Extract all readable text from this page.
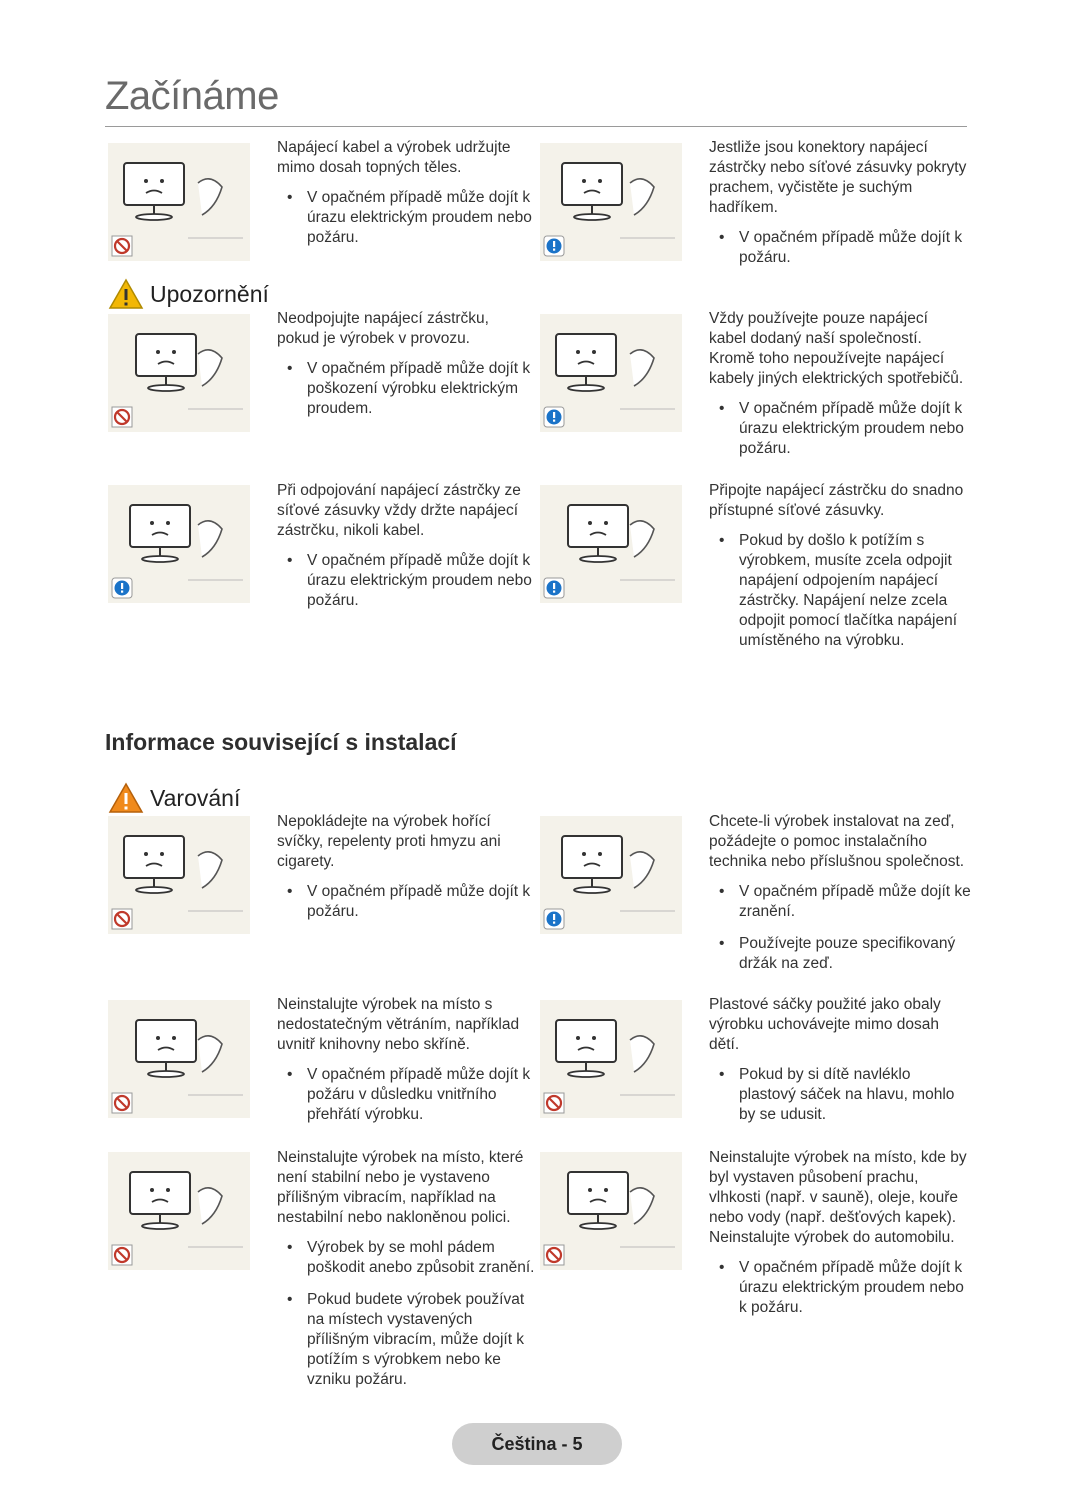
Začínáme
Upozornění
Informace související s instalací
Varování

Napájecí kabel a výrobek udržujte mimo dosah topných těles.

• V opačném případě může dojít k úrazu elektrickým proudem nebo požáru.

Jestliže jsou konektory napájecí zástrčky nebo síťové zásuvky pokryty prachem, vyčistěte je suchým hadříkem.

• V opačném případě může dojít k požáru.

Neodpojujte napájecí zástrčku, pokud je výrobek v provozu.

• V opačném případě může dojít k poškození výrobku elektrickým proudem.

Vždy používejte pouze napájecí kabel dodaný naší společností. Kromě toho nepoužívejte napájecí kabely jiných elektrických spotřebičů.

• V opačném případě může dojít k úrazu elektrickým proudem nebo požáru.

Při odpojování napájecí zástrčky ze síťové zásuvky vždy držte napájecí zástrčku, nikoli kabel.

• V opačném případě může dojít k úrazu elektrickým proudem nebo požáru.

Připojte napájecí zástrčku do snadno přístupné síťové zásuvky.

• Pokud by došlo k potížím s výrobkem, musíte zcela odpojit napájení odpojením napájecí zástrčky. Napájení nelze zcela odpojit pomocí tlačítka napájení umístěného na výrobku.

Nepokládejte na výrobek hořící svíčky, repelenty proti hmyzu ani cigarety.

• V opačném případě může dojít k požáru.

Chcete-li výrobek instalovat na zeď, požádejte o pomoc instalačního technika nebo příslušnou společnost.

• V opačném případě může dojít ke zranění.
• Používejte pouze specifikovaný držák na zeď.

Neinstalujte výrobek na místo s nedostatečným větráním, například uvnitř knihovny nebo skříně.

• V opačném případě může dojít k požáru v důsledku vnitřního přehřátí výrobku.

Plastové sáčky použité jako obaly výrobku uchovávejte mimo dosah dětí.

• Pokud by si dítě navléklo plastový sáček na hlavu, mohlo by se udusit.

Neinstalujte výrobek na místo, které není stabilní nebo je vystaveno přílišným vibracím, například na nestabilní nebo nakloněnou polici.

• Výrobek by se mohl pádem poškodit anebo způsobit zranění.
• Pokud budete výrobek používat na místech vystavených přílišným vibracím, může dojít k potížím s výrobkem nebo ke vzniku požáru.

Neinstalujte výrobek na místo, kde by byl vystaven působení prachu, vlhkosti (např. v sauně), oleje, kouře nebo vody (např. dešťových kapek). Neinstalujte výrobek do automobilu.

• V opačném případě může dojít k úrazu elektrickým proudem nebo k požáru.
Čeština - 5
